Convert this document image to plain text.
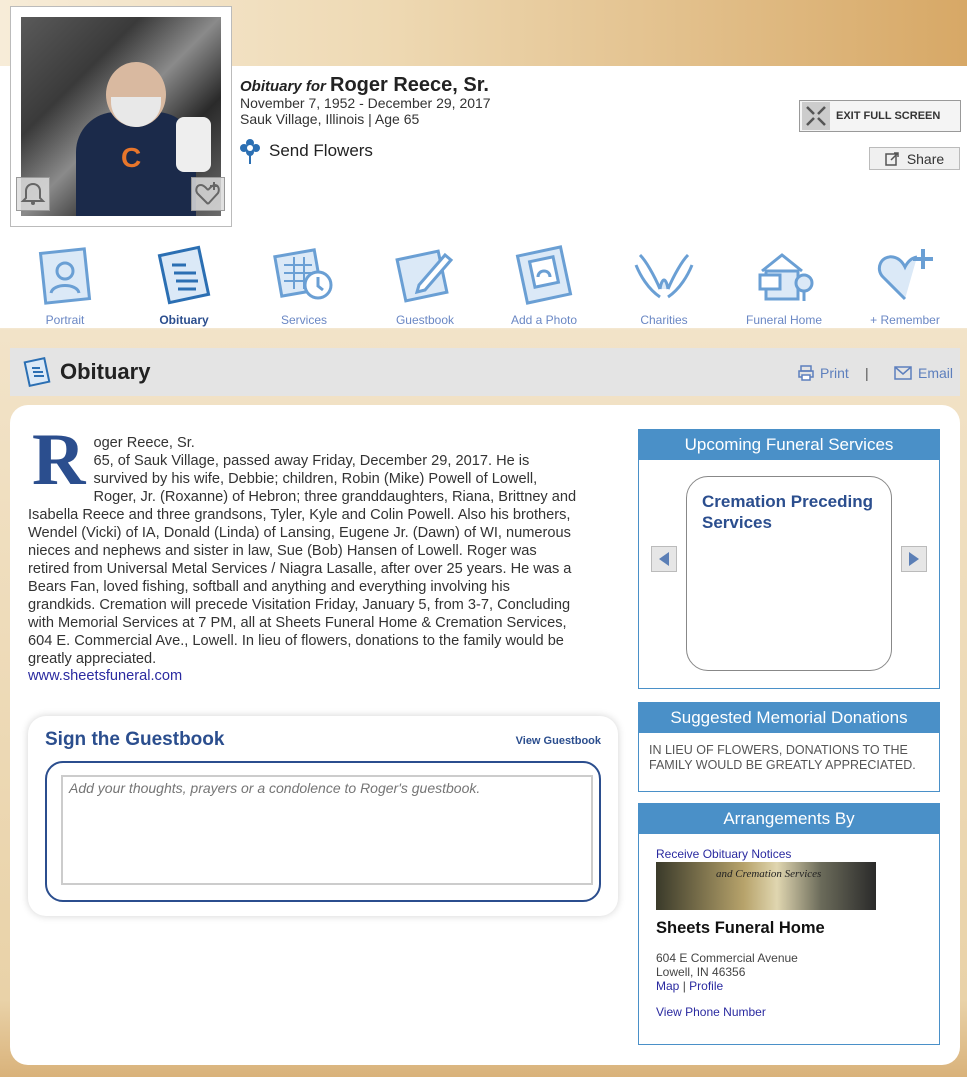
C
Obituary for Roger Reece, Sr.
November 7, 1952 - December 29, 2017
Sauk Village, Illinois | Age 65
Send Flowers
EXIT FULL SCREEN
Share
Portrait	Obituary	Services	Guestbook	Add a Photo	Charities	Funeral Home	+ Remember
Obituary	Print |	Email
R oger Reece, Sr.
65, of Sauk Village, passed away Friday, December 29, 2017. He is survived by his wife, Debbie; children, Robin (Mike) Powell of Lowell, Roger, Jr. (Roxanne) of Hebron; three granddaughters, Riana, Brittney and Isabella Reece and three grandsons, Tyler, Kyle and Colin Powell. Also his brothers, Wendel (Vicki) of IA, Donald (Linda) of Lansing, Eugene Jr. (Dawn) of WI, numerous nieces and nephews and sister in law, Sue (Bob) Hansen of Lowell. Roger was retired from Universal Metal Services / Niagra Lasalle, after over 25 years. He was a Bears Fan, loved fishing, softball and anything and everything involving his grandkids. Cremation will precede Visitation Friday, January 5, from 3-7, Concluding with Memorial Services at 7 PM, all at Sheets Funeral Home & Cremation Services, 604 E. Commercial Ave., Lowell. In lieu of flowers, donations to the family would be greatly appreciated.
www.sheetsfuneral.com
Sign the Guestbook	View Guestbook
Add your thoughts, prayers or a condolence to Roger's guestbook.
Upcoming Funeral Services
Cremation Preceding Services
Suggested Memorial Donations
IN LIEU OF FLOWERS, DONATIONS TO THE FAMILY WOULD BE GREATLY APPRECIATED.
Arrangements By
Receive Obituary Notices
and Cremation Services
Sheets Funeral Home
604 E Commercial Avenue
Lowell, IN 46356
Map | Profile
View Phone Number
